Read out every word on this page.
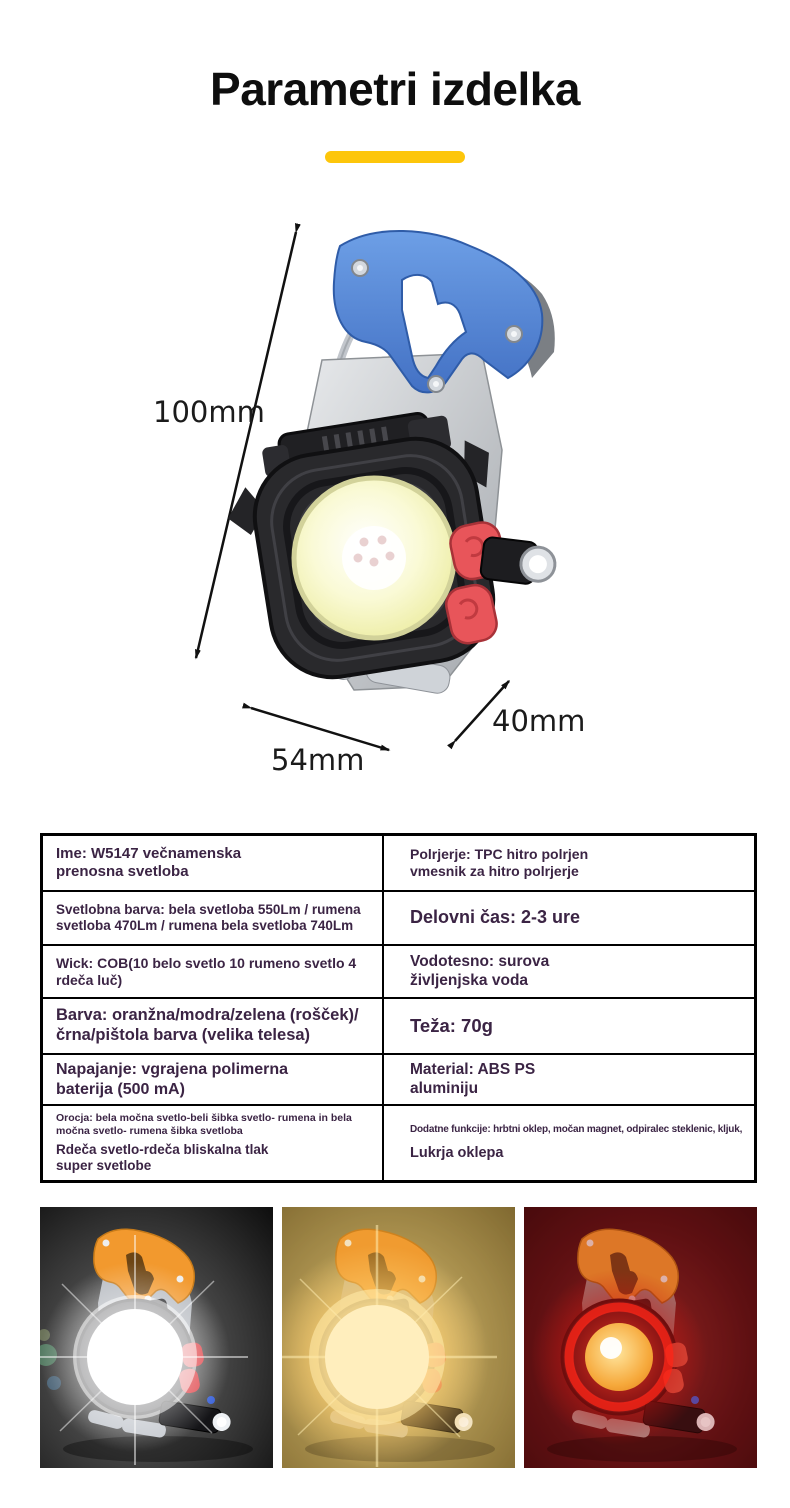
Parametri izdelka
100mm
54mm
40mm
Ime: W5147 večnamenska
prenosna svetloba
Polrjerje: TPC hitro polrjen
vmesnik za hitro polrjerje
Svetlobna barva: bela svetloba 550Lm / rumena
svetloba 470Lm / rumena bela svetloba 740Lm	Delovni čas: 2-3 ure
Wick: COB(10 belo svetlo 10 rumeno svetlo 4
rdeča luč)
Vodotesno: surova
življenjska voda
Barva: oranžna/modra/zelena (rošček)/
črna/pištola barva (velika telesa)	Teža: 70g
Napajanje: vgrajena polimerna
baterija (500 mA)
Material: ABS PS
aluminiju
Orocja: bela močna svetlo-beli šibka svetlo- rumena in bela močna svetlo- rumena šibka svetloba
Rdeča svetlo-rdeča bliskalna tlak
super svetlobe
Dodatne funkcije: hrbtni oklep, močan magnet, odpiralec steklenic, kljuk,
Lukrja oklepa
